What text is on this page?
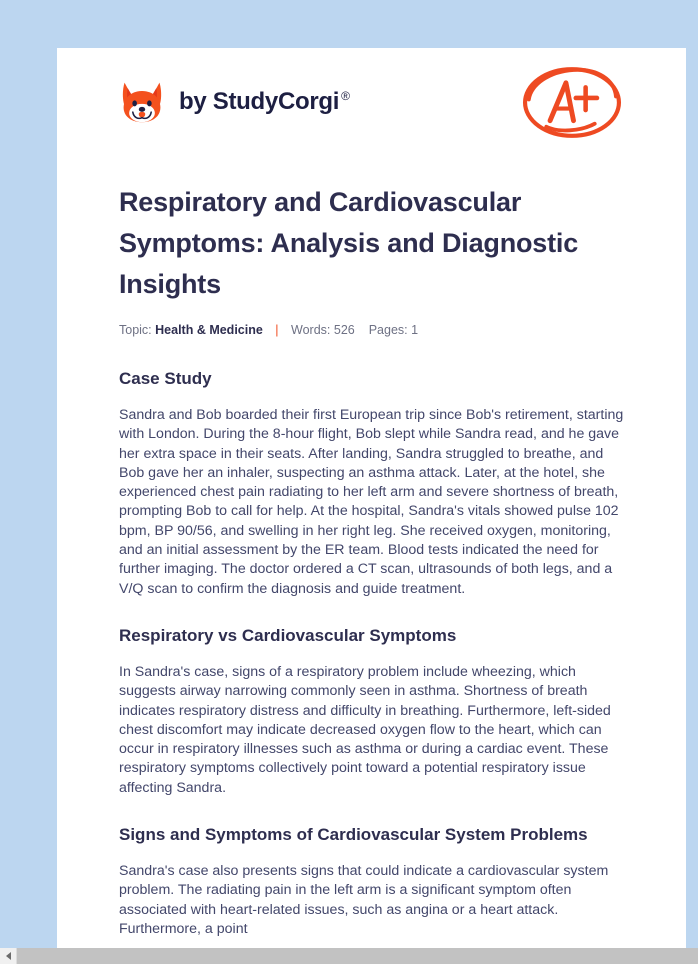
by StudyCorgi ®
Respiratory and Cardiovascular Symptoms: Analysis and Diagnostic Insights
Topic: Health & Medicine | Words: 526 Pages: 1
Case Study

Sandra and Bob boarded their first European trip since Bob's retirement, starting with London. During the 8-hour flight, Bob slept while Sandra read, and he gave her extra space in their seats. After landing, Sandra struggled to breathe, and Bob gave her an inhaler, suspecting an asthma attack. Later, at the hotel, she experienced chest pain radiating to her left arm and severe shortness of breath, prompting Bob to call for help. At the hospital, Sandra's vitals showed pulse 102 bpm, BP 90/56, and swelling in her right leg. She received oxygen, monitoring, and an initial assessment by the ER team. Blood tests indicated the need for further imaging. The doctor ordered a CT scan, ultrasounds of both legs, and a V/Q scan to confirm the diagnosis and guide treatment.

Respiratory vs Cardiovascular Symptoms

In Sandra's case, signs of a respiratory problem include wheezing, which suggests airway narrowing commonly seen in asthma. Shortness of breath indicates respiratory distress and difficulty in breathing. Furthermore, left-sided chest discomfort may indicate decreased oxygen flow to the heart, which can occur in respiratory illnesses such as asthma or during a cardiac event. These respiratory symptoms collectively point toward a potential respiratory issue affecting Sandra.

Signs and Symptoms of Cardiovascular System Problems

Sandra's case also presents signs that could indicate a cardiovascular system problem. The radiating pain in the left arm is a significant symptom often associated with heart-related issues, such as angina or a heart attack. Furthermore, a point
